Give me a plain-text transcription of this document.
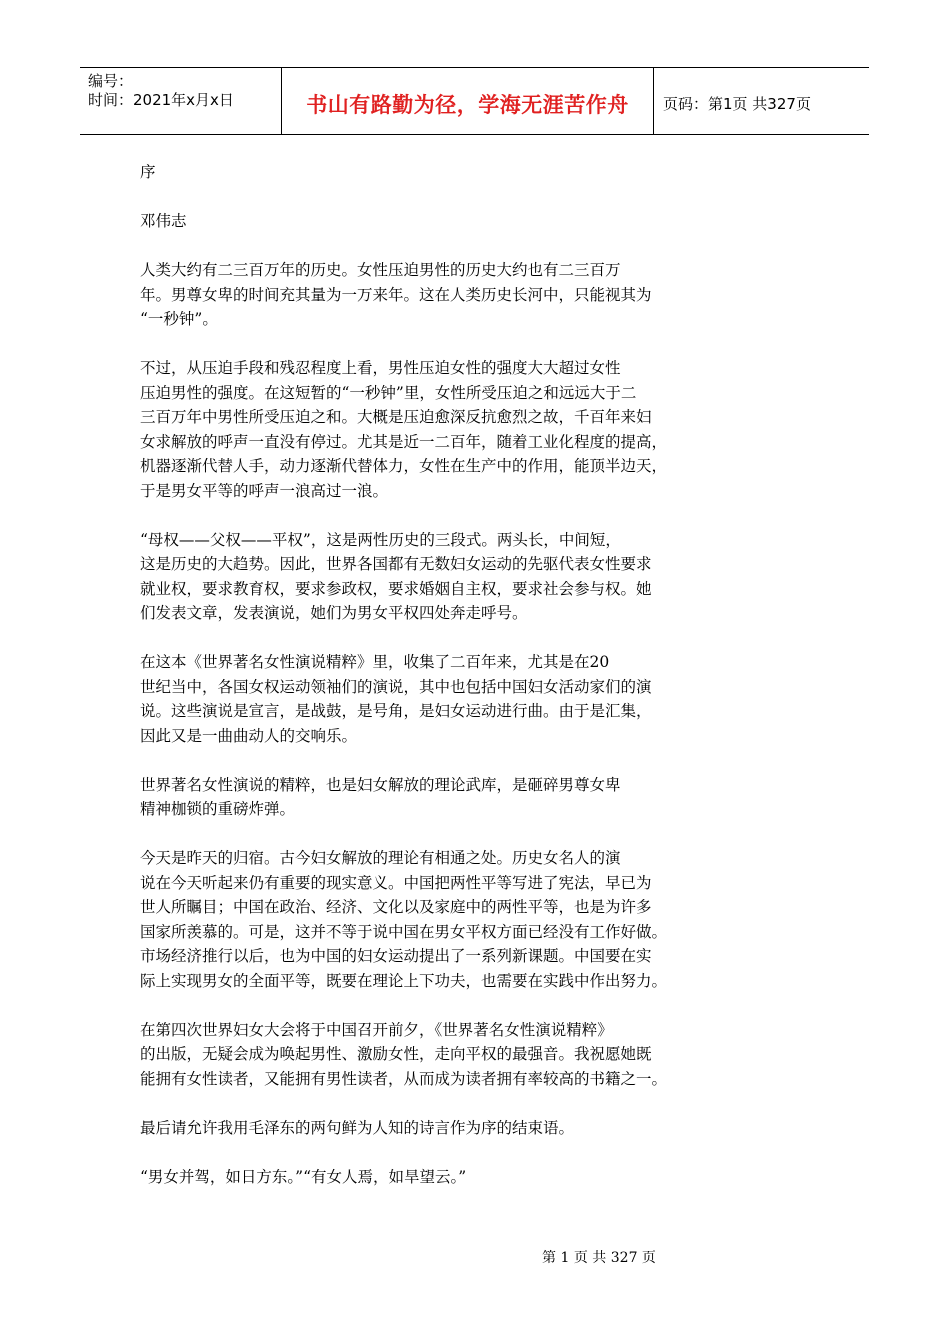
编号：
时间：2021年x月x日	书山有路勤为径，学海无涯苦作舟	页码：第1页 共327页

序

邓伟志

人类大约有二三百万年的历史。女性压迫男性的历史大约也有二三百万
年。男尊女卑的时间充其量为一万来年。这在人类历史长河中，只能视其为
“一秒钟”。

不过，从压迫手段和残忍程度上看，男性压迫女性的强度大大超过女性
压迫男性的强度。在这短暂的“一秒钟”里，女性所受压迫之和远远大于二
三百万年中男性所受压迫之和。大概是压迫愈深反抗愈烈之故，千百年来妇
女求解放的呼声一直没有停过。尤其是近一二百年，随着工业化程度的提高，
机器逐渐代替人手，动力逐渐代替体力，女性在生产中的作用，能顶半边天，
于是男女平等的呼声一浪高过一浪。

“母权——父权——平权”，这是两性历史的三段式。两头长，中间短，
这是历史的大趋势。因此，世界各国都有无数妇女运动的先驱代表女性要求
就业权，要求教育权，要求参政权，要求婚姻自主权，要求社会参与权。她
们发表文章，发表演说，她们为男女平权四处奔走呼号。

在这本《世界著名女性演说精粹》里，收集了二百年来，尤其是在20
世纪当中，各国女权运动领袖们的演说，其中也包括中国妇女活动家们的演
说。这些演说是宣言，是战鼓，是号角，是妇女运动进行曲。由于是汇集，
因此又是一曲曲动人的交响乐。

世界著名女性演说的精粹，也是妇女解放的理论武库，是砸碎男尊女卑
精神枷锁的重磅炸弹。

今天是昨天的归宿。古今妇女解放的理论有相通之处。历史女名人的演
说在今天听起来仍有重要的现实意义。中国把两性平等写进了宪法，早已为
世人所瞩目；中国在政治、经济、文化以及家庭中的两性平等，也是为许多
国家所羡慕的。可是，这并不等于说中国在男女平权方面已经没有工作好做。
市场经济推行以后，也为中国的妇女运动提出了一系列新课题。中国要在实
际上实现男女的全面平等，既要在理论上下功夫，也需要在实践中作出努力。

在第四次世界妇女大会将于中国召开前夕，《世界著名女性演说精粹》
的出版，无疑会成为唤起男性、激励女性，走向平权的最强音。我祝愿她既
能拥有女性读者，又能拥有男性读者，从而成为读者拥有率较高的书籍之一。

最后请允许我用毛泽东的两句鲜为人知的诗言作为序的结束语。

“男女并驾，如日方东。”“有女人焉，如旱望云。”

第 1 页 共 327 页
